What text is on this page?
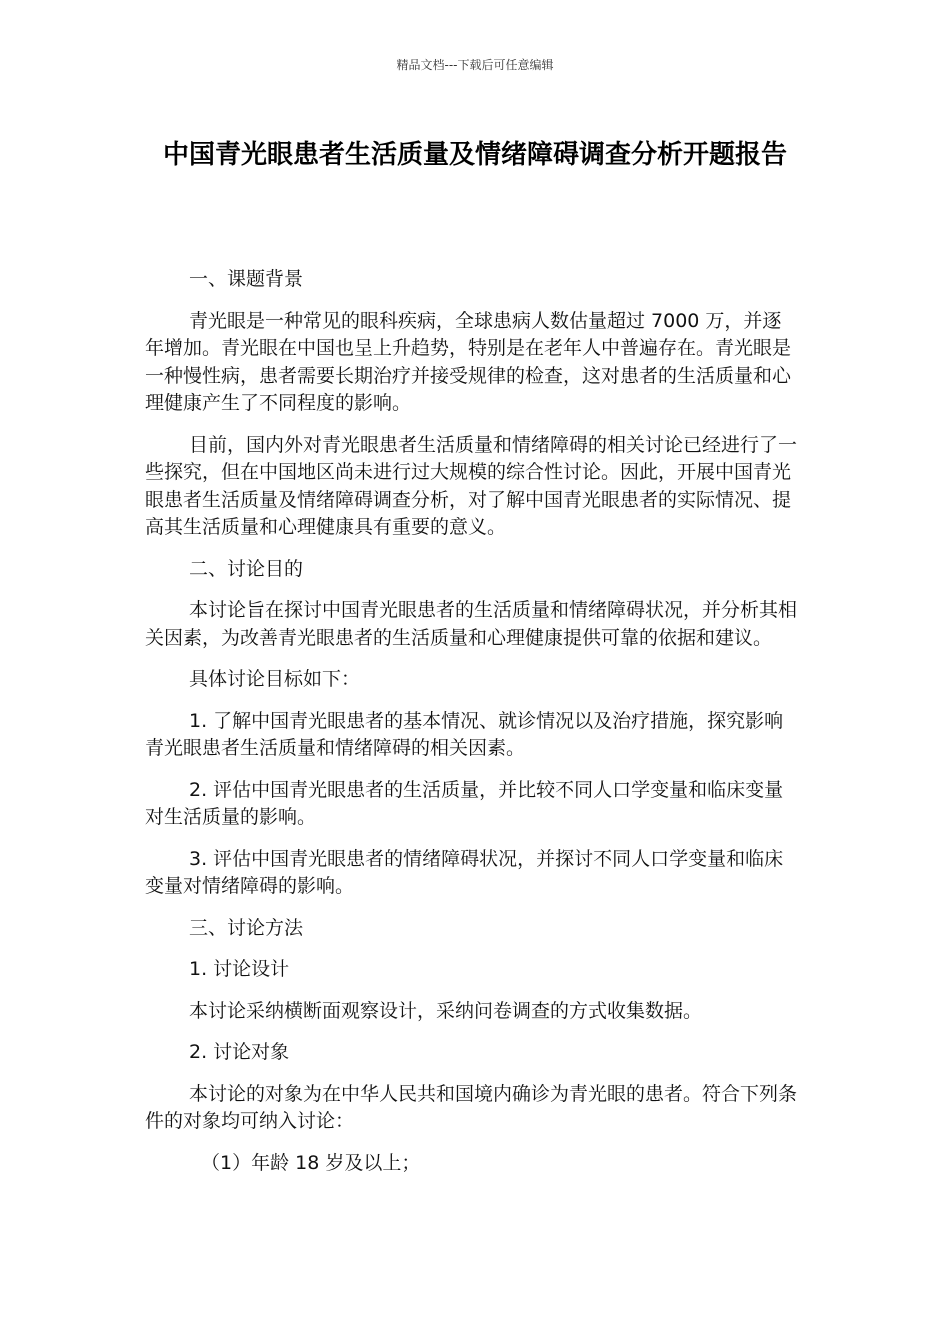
精品文档---下载后可任意编辑
中国青光眼患者生活质量及情绪障碍调查分析开题报告

一、课题背景

青光眼是一种常见的眼科疾病，全球患病人数估量超过 7000 万，并逐年增加。青光眼在中国也呈上升趋势，特别是在老年人中普遍存在。青光眼是一种慢性病，患者需要长期治疗并接受规律的检查，这对患者的生活质量和心理健康产生了不同程度的影响。

目前，国内外对青光眼患者生活质量和情绪障碍的相关讨论已经进行了一些探究，但在中国地区尚未进行过大规模的综合性讨论。因此，开展中国青光眼患者生活质量及情绪障碍调查分析，对了解中国青光眼患者的实际情况、提高其生活质量和心理健康具有重要的意义。

二、讨论目的

本讨论旨在探讨中国青光眼患者的生活质量和情绪障碍状况，并分析其相关因素，为改善青光眼患者的生活质量和心理健康提供可靠的依据和建议。

具体讨论目标如下：

1. 了解中国青光眼患者的基本情况、就诊情况以及治疗措施，探究影响青光眼患者生活质量和情绪障碍的相关因素。

2. 评估中国青光眼患者的生活质量，并比较不同人口学变量和临床变量对生活质量的影响。

3. 评估中国青光眼患者的情绪障碍状况，并探讨不同人口学变量和临床变量对情绪障碍的影响。

三、讨论方法

1. 讨论设计

本讨论采纳横断面观察设计，采纳问卷调查的方式收集数据。

2. 讨论对象

本讨论的对象为在中华人民共和国境内确诊为青光眼的患者。符合下列条件的对象均可纳入讨论：

（1）年龄 18 岁及以上；
